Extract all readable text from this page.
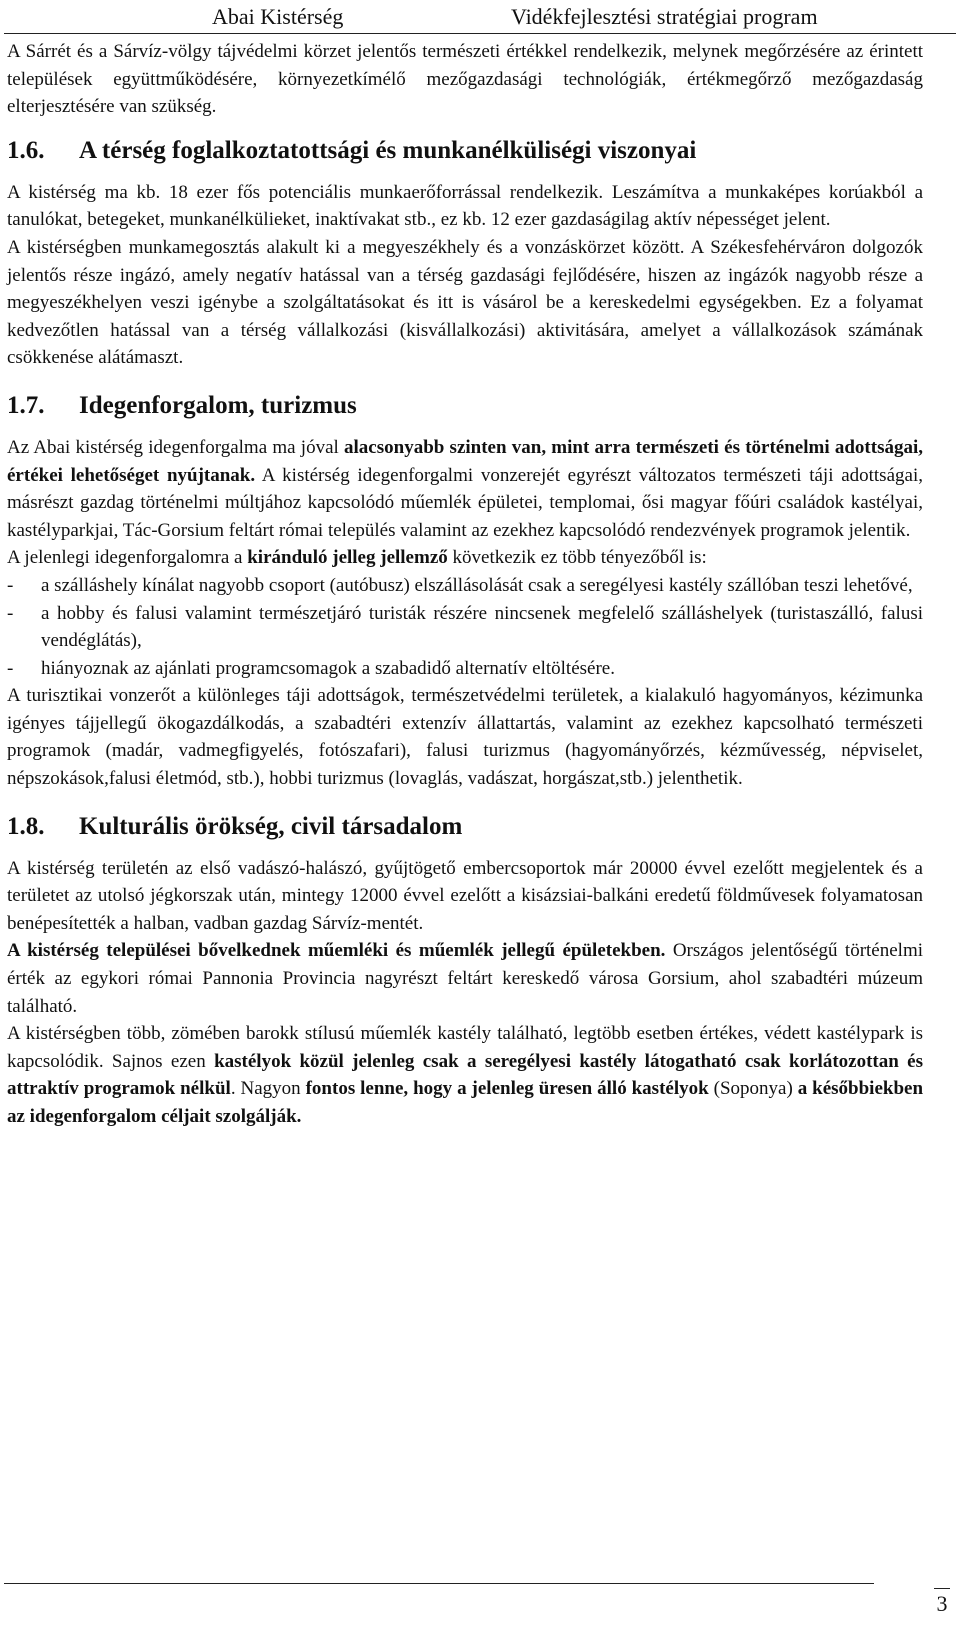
Abai Kistérség	Vidékfejlesztési stratégiai program

A Sárrét és a Sárvíz-völgy tájvédelmi körzet jelentős természeti értékkel rendelkezik, melynek megőrzésére az érintett települések együttműködésére, környezetkímélő mezőgazdasági technológiák, értékmegőrző mezőgazdaság elterjesztésére van szükség.

1.6.	A térség foglalkoztatottsági és munkanélküliségi viszonyai

A kistérség ma kb. 18 ezer fős potenciális munkaerőforrással rendelkezik. Leszámítva a munkaképes korúakból a tanulókat, betegeket, munkanélkülieket, inaktívakat stb., ez kb. 12 ezer gazdaságilag aktív népességet jelent.

A kistérségben munkamegosztás alakult ki a megyeszékhely és a vonzáskörzet között. A Székesfehérváron dolgozók jelentős része ingázó, amely negatív hatással van a térség gazdasági fejlődésére, hiszen az ingázók nagyobb része a megyeszékhelyen veszi igénybe a szolgáltatásokat és itt is vásárol be a kereskedelmi egységekben. Ez a folyamat kedvezőtlen hatással van a térség vállalkozási (kisvállalkozási) aktivitására, amelyet a vállalkozások számának csökkenése alátámaszt.

1.7.	Idegenforgalom, turizmus

Az Abai kistérség idegenforgalma ma jóval alacsonyabb szinten van, mint arra természeti és történelmi adottságai, értékei lehetőséget nyújtanak. A kistérség idegenforgalmi vonzerejét egyrészt változatos természeti táji adottságai, másrészt gazdag történelmi múltjához kapcsolódó műemlék épületei, templomai, ősi magyar főúri családok kastélyai, kastélyparkjai, Tác-Gorsium feltárt római település valamint az ezekhez kapcsolódó rendezvények programok jelentik.

A jelenlegi idegenforgalomra a kiránduló jelleg jellemző következik ez több tényezőből is:

-	a szálláshely kínálat nagyobb csoport (autóbusz) elszállásolását csak a seregélyesi kastély szállóban teszi lehetővé,
-	a hobby és falusi valamint természetjáró turisták részére nincsenek megfelelő szálláshelyek (turistaszálló, falusi vendéglátás),
-	hiányoznak az ajánlati programcsomagok a szabadidő alternatív eltöltésére.

A turisztikai vonzerőt a különleges táji adottságok, természetvédelmi területek, a kialakuló hagyományos, kézimunka igényes tájjellegű ökogazdálkodás, a szabadtéri extenzív állattartás, valamint az ezekhez kapcsolható természeti programok (madár, vadmegfigyelés, fotószafari), falusi turizmus (hagyományőrzés, kézművesség, népviselet, népszokások,falusi életmód, stb.), hobbi turizmus (lovaglás, vadászat, horgászat,stb.) jelenthetik.

1.8.	Kulturális örökség, civil társadalom

A kistérség területén az első vadászó-halászó, gyűjtögető embercsoportok már 20000 évvel ezelőtt megjelentek és a területet az utolsó jégkorszak után, mintegy 12000 évvel ezelőtt a kisázsiai-balkáni eredetű földművesek folyamatosan benépesítették a halban, vadban gazdag Sárvíz-mentét.

A kistérség települései bővelkednek műemléki és műemlék jellegű épületekben. Országos jelentőségű történelmi érték az egykori római Pannonia Provincia nagyrészt feltárt kereskedő városa Gorsium, ahol szabadtéri múzeum található.

A kistérségben több, zömében barokk stílusú műemlék kastély található, legtöbb esetben értékes, védett kastélypark is kapcsolódik. Sajnos ezen kastélyok közül jelenleg csak a seregélyesi kastély látogatható csak korlátozottan és attraktív programok nélkül. Nagyon fontos lenne, hogy a jelenleg üresen álló kastélyok (Soponya) a későbbiekben az idegenforgalom céljait szolgálják.

3
